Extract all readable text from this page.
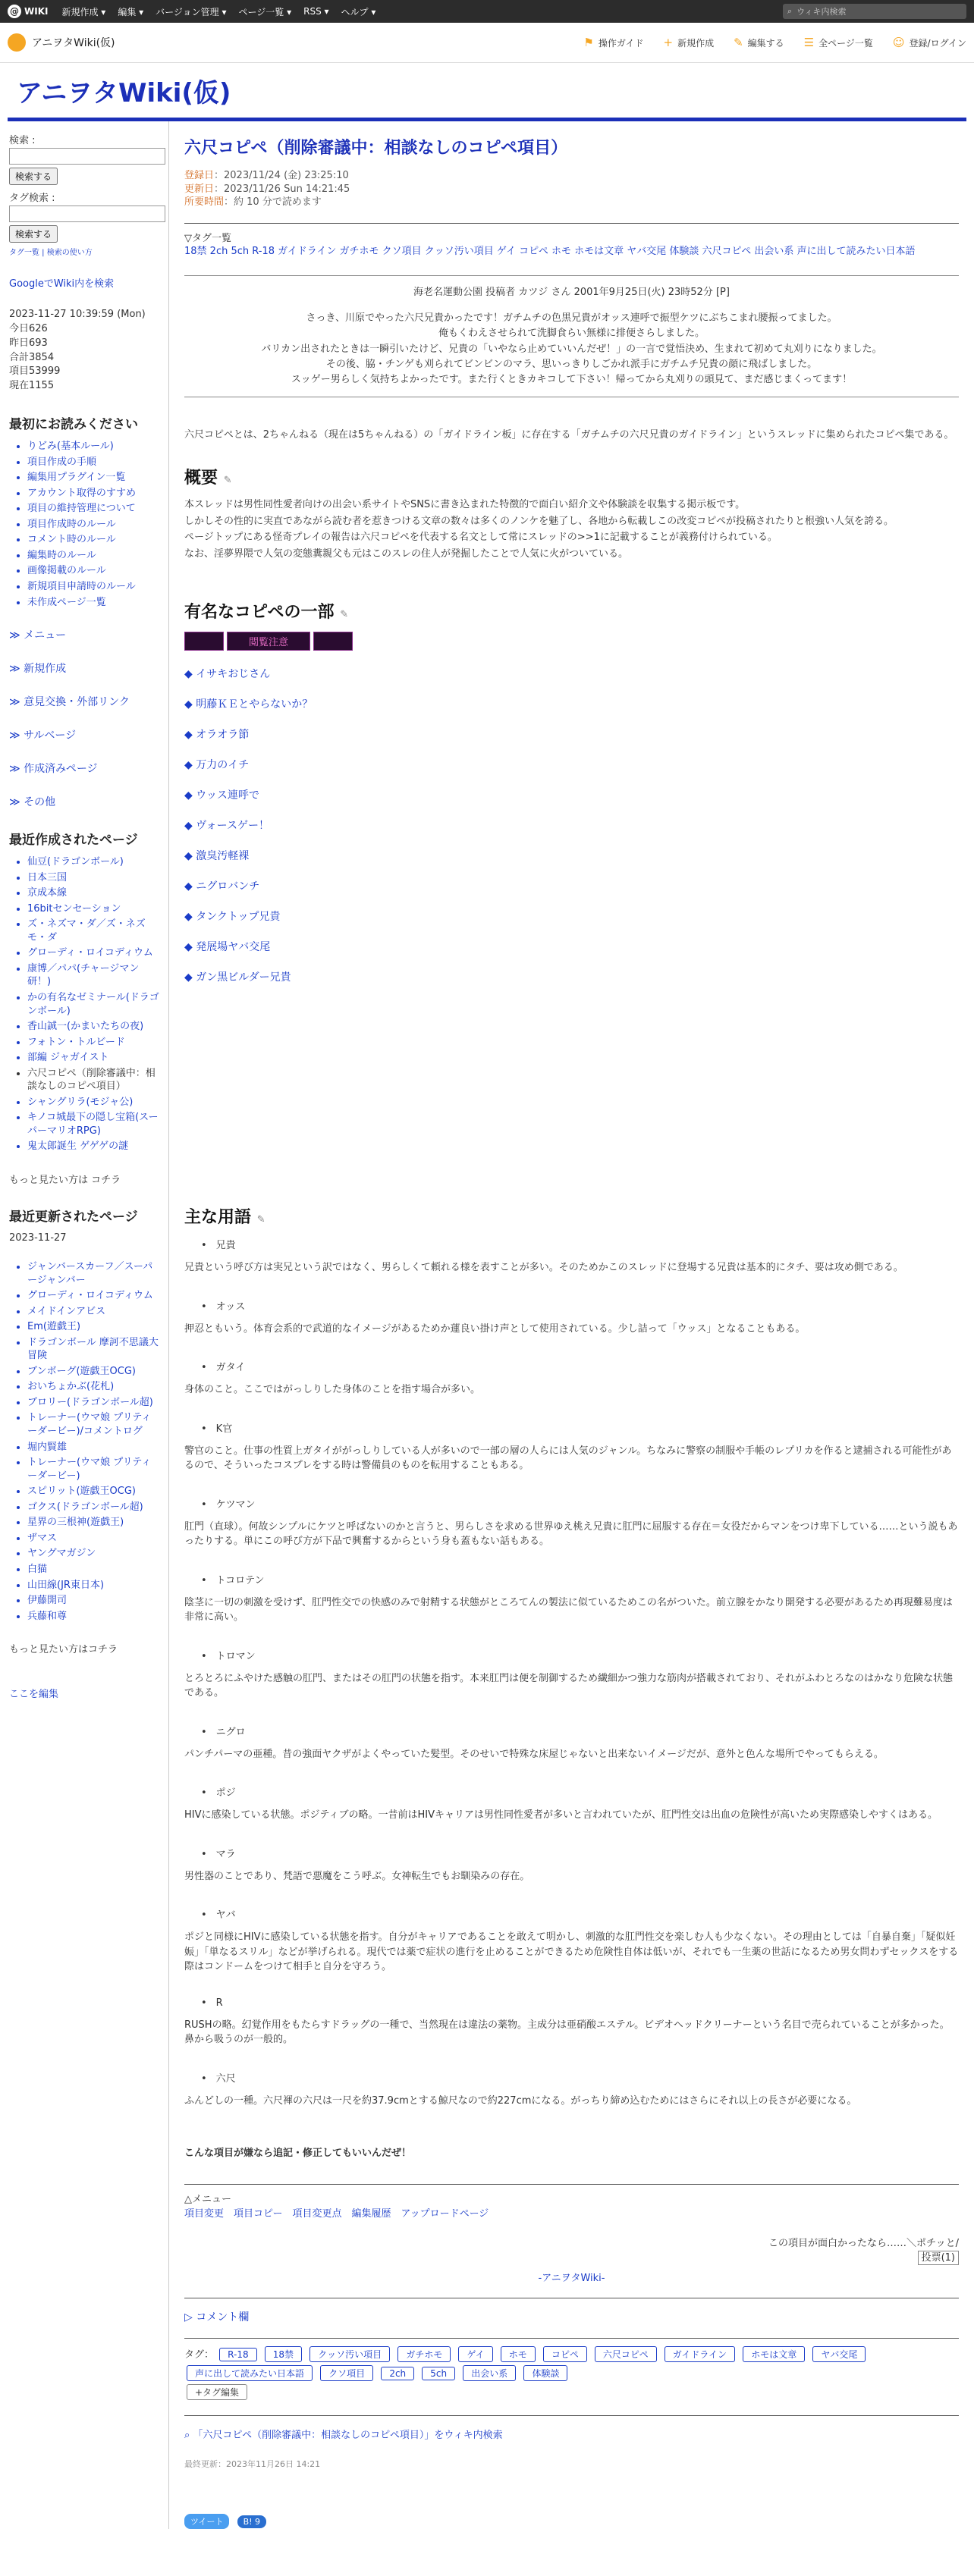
@ WIKI 新規作成 ▾ 編集 ▾ バージョン管理 ▾ ページ一覧 ▾ RSS ▾ ヘルプ ▾	⌕ ウィキ内検索
アニヲタWiki(仮)	⚑ 操作ガイド + 新規作成 ✎ 編集する ☰ 全ページ一覧 ☺ 登録/ログイン
アニヲタWiki(仮)
検索 :
検索する
タグ検索 :
検索する
タグ一覧 | 検索の使い方
GoogleでWiki内を検索
2023-11-27 10:39:59 (Mon)
今日626
昨日693
合計3854
項目53999
現在1155
最初にお読みください
• りどみ(基本ルール)
• 項目作成の手順
• 編集用プラグイン一覧
• アカウント取得のすすめ
• 項目の維持管理について
• 項目作成時のルール
• コメント時のルール
• 編集時のルール
• 画像掲載のルール
• 新規項目申請時のルール
• 未作成ページ一覧
≫ メニュー
≫ 新規作成
≫ 意見交換・外部リンク
≫ サルベージ
≫ 作成済みページ
≫ その他
最近作成されたページ
• 仙豆(ドラゴンボール)
• 日本三国
• 京成本線
• 16bitセンセーション
• ズ・ネズマ・ダ／ズ・ネズモ・ダ
• グローディ・ロイコディウム
• 康博／パパ(チャージマン研！)
• かの有名なゼミナール(ドラゴンボール)
• 香山誠一(かまいたちの夜)
• フォトン・トルビード
• 部編 ジャガイスト
• 六尺コピペ（削除審議中：相談なしのコピペ項目）
• シャングリラ(モジャ公)
• キノコ城最下の隠し宝箱(スーパーマリオRPG)
• 鬼太郎誕生 ゲゲゲの謎
もっと見たい方は コチラ
最近更新されたページ
2023-11-27
• ジャンバースカーフ／スーパージャンバー
• グローディ・ロイコディウム
• メイドインアビス
• Em(遊戯王)
• ドラゴンボール 摩訶不思議大冒険
• ブンボーグ(遊戯王OCG)
• おいちょかぶ(花札)
• ブロリー(ドラゴンボール超)
• トレーナー(ウマ娘 プリティーダービー)/コメントログ
• 堀内賢雄
• トレーナー(ウマ娘 プリティーダービー)
• スピリット(遊戯王OCG)
• ゴクス(ドラゴンボール超)
• 星界の三根神(遊戯王)
• ザマス
• ヤングマガジン
• 白猫
• 山田線(JR東日本)
• 伊藤開司
• 兵藤和尊
もっと見たい方はコチラ
ここを編集
六尺コピペ（削除審議中：相談なしのコピペ項目）
登録日：2023/11/24 (金) 23:25:10
更新日：2023/11/26 Sun 14:21:45
所要時間：約 10 分で読めます
▽タグ一覧
18禁 2ch 5ch R-18 ガイドライン ガチホモ クソ項目 クッソ汚い項目 ゲイ コピペ ホモ ホモは文章 ヤバ交尾 体験談 六尺コピペ 出会い系 声に出して読みたい日本語
海老名運動公園 投稿者 カツジ さん 2001年9月25日(火) 23時52分 [P]
さっき、川原でやった六尺兄貴かったです！ガチムチの色黒兄貴がオッス連呼で振型ケツにぶちこまれ腰振ってました。
俺もくわえさせられて洗脚食らい無様に排便さらしました。
バリカン出されたときは一瞬引いたけど、兄貴の「いやなら止めていいんだぜ！」の一言で覚悟決め、生まれて初めて丸刈りになりました。
その後、脇・チンゲも刈られてビンビンのマラ、思いっきりしごかれ派手にガチムチ兄貴の顔に飛ばしました。
スッゲー男らしく気持ちよかったです。また行くときカキコして下さい！帰ってから丸刈りの頭見て、まだ感じまくってます！

六尺コピペとは、2ちゃんねる（現在は5ちゃんねる）の「ガイドライン板」に存在する「ガチムチの六尺兄貴のガイドライン」というスレッドに集められたコピペ集である。

概要 ✎

本スレッドは男性同性愛者向けの出会い系サイトやSNSに書き込まれた特徴的で面白い紹介文や体験談を収集する掲示板です。

しかしその性的に実直であながら読む者を惹きつける文章の数々は多くのノンケを魅了し、各地から転載しこの改変コピペが投稿されたりと根強い人気を誇る。

ページトップにある怪奇プレイの報告は六尺コピペを代表する名文として常にスレッドの>>1に記載することが義務付けられている。

なお、淫夢界隈で人気の変態糞親父も元はこのスレの住人が発掘したことで人気に火がついている。

有名なコピペの一部 ✎
閲覧注意
◆ イサキおじさん
◆ 明藤ＫＥとやらないか？
◆ オラオラ節
◆ 万力のイチ
◆ ウッス連呼で
◆ ヴォースゲー！
◆ 激臭汚軽裸
◆ ニグロバンチ
◆ タンクトップ兄貴
◆ 発展場ヤバ交尾
◆ ガン黒ビルダー兄貴
主な用語 ✎
• 兄貴
兄貴という呼び方は実兄という訳ではなく、男らしくて頼れる様を表すことが多い。そのためかこのスレッドに登場する兄貴は基本的にタチ、要は攻め側である。
• オッス
押忍ともいう。体育会系的で武道的なイメージがあるためか蓮良い掛け声として使用されている。少し詰って「ウッス」となることもある。
• ガタイ
身体のこと。ここではがっしりした身体のことを指す場合が多い。
• K官
警官のこと。仕事の性質上ガタイががっしりしている人が多いので一部の層の人らには人気のジャンル。ちなみに警察の制服や手帳のレプリカを作ると逮捕される可能性があるので、そういったコスプレをする時は警備員のものを転用することもある。
• ケツマン
肛門（直球）。何故シンプルにケツと呼ばないのかと言うと、男らしさを求める世界ゆえ桃え兄貴に肛門に屈服する存在＝女役だからマンをつけ卑下している……という説もあったりする。単にこの呼び方が下品で興奮するからという身も蓋もない話もある。
• トコロテン
陰茎に一切の刺激を受けず、肛門性交での快感のみで射精する状態がところてんの製法に似ているためこの名がついた。前立腺をかなり開発する必要があるため再現難易度は非常に高い。
• トロマン
とろとろにふやけた感触の肛門、またはその肛門の状態を指す。本来肛門は便を制御するため繊細かつ強力な筋肉が搭載されており、それがふわとろなのはかなり危険な状態である。
• ニグロ
パンチパーマの亜種。昔の強面ヤクザがよくやっていた髪型。そのせいで特殊な床屋じゃないと出来ないイメージだが、意外と色んな場所でやってもらえる。
• ポジ
HIVに感染している状態。ポジティブの略。一昔前はHIVキャリアは男性同性愛者が多いと言われていたが、肛門性交は出血の危険性が高いため実際感染しやすくはある。
• マラ
男性器のことであり、梵語で悪魔をこう呼ぶ。女神転生でもお馴染みの存在。
• ヤバ
ポジと同様にHIVに感染している状態を指す。自分がキャリアであることを敢えて明かし、刺激的な肛門性交を楽しむ人も少なくない。その理由としては「自暴自棄」「疑似妊娠」「単なるスリル」などが挙げられる。現代では薬で症状の進行を止めることができるため危険性自体は低いが、それでも一生薬の世話になるため男女問わずセックスをする際はコンドームをつけて相手と自分を守ろう。
• R
RUSHの略。幻覚作用をもたらすドラッグの一種で、当然現在は違法の薬物。主成分は亜硝酸エステル。ビデオヘッドクリーナーという名目で売られていることが多かった。鼻から吸うのが一般的。
• 六尺
ふんどしの一種。六尺褌の六尺は一尺を約37.9cmとする鯨尺なので約227cmになる。がっちり締め込むためにはさらにそれ以上の長さが必要になる。

こんな項目が嫌なら追記・修正してもいいんだぜ！

△メニュー
項目変更　項目コピー　項目変更点　編集履歴　アップロードページ
この項目が面白かったなら……＼ポチッと/
投票(1)
-アニヲタWiki-
▷ コメント欄
タグ： R-18	18禁	クッソ汚い項目	ガチホモ	ゲイ	ホモ	コピペ	六尺コピペ	ガイドライン	ホモは文章	ヤバ交尾 声に出して読みたい日本語	クソ項目	2ch	5ch	出会い系	体験談
+タグ編集
⌕ 「六尺コピペ（削除審議中：相談なしのコピペ項目）」をウィキ内検索
最終更新：2023年11月26日 14:21
ツイート B! 9
